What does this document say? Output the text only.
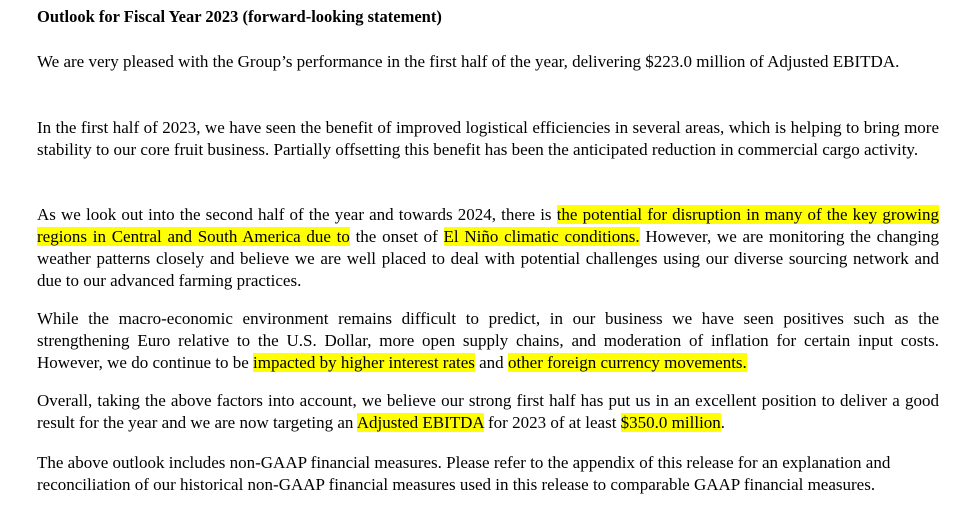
Outlook for Fiscal Year 2023 (forward-looking statement)

We are very pleased with the Group’s performance in the first half of the year, delivering $223.0 million of Adjusted EBITDA.

In the first half of 2023, we have seen the benefit of improved logistical efficiencies in several areas, which is helping to bring more stability to our core fruit business. Partially offsetting this benefit has been the anticipated reduction in commercial cargo activity.

As we look out into the second half of the year and towards 2024, there is the potential for disruption in many of the key growing regions in Central and South America due to the onset of El Niño climatic conditions. However, we are monitoring the changing weather patterns closely and believe we are well placed to deal with potential challenges using our diverse sourcing network and due to our advanced farming practices.

While the macro-economic environment remains difficult to predict, in our business we have seen positives such as the strengthening Euro relative to the U.S. Dollar, more open supply chains, and moderation of inflation for certain input costs. However, we do continue to be impacted by higher interest rates and other foreign currency movements.

Overall, taking the above factors into account, we believe our strong first half has put us in an excellent position to deliver a good result for the year and we are now targeting an Adjusted EBITDA for 2023 of at least $350.0 million.

The above outlook includes non-GAAP financial measures. Please refer to the appendix of this release for an explanation and reconciliation of our historical non-GAAP financial measures used in this release to comparable GAAP financial measures.
